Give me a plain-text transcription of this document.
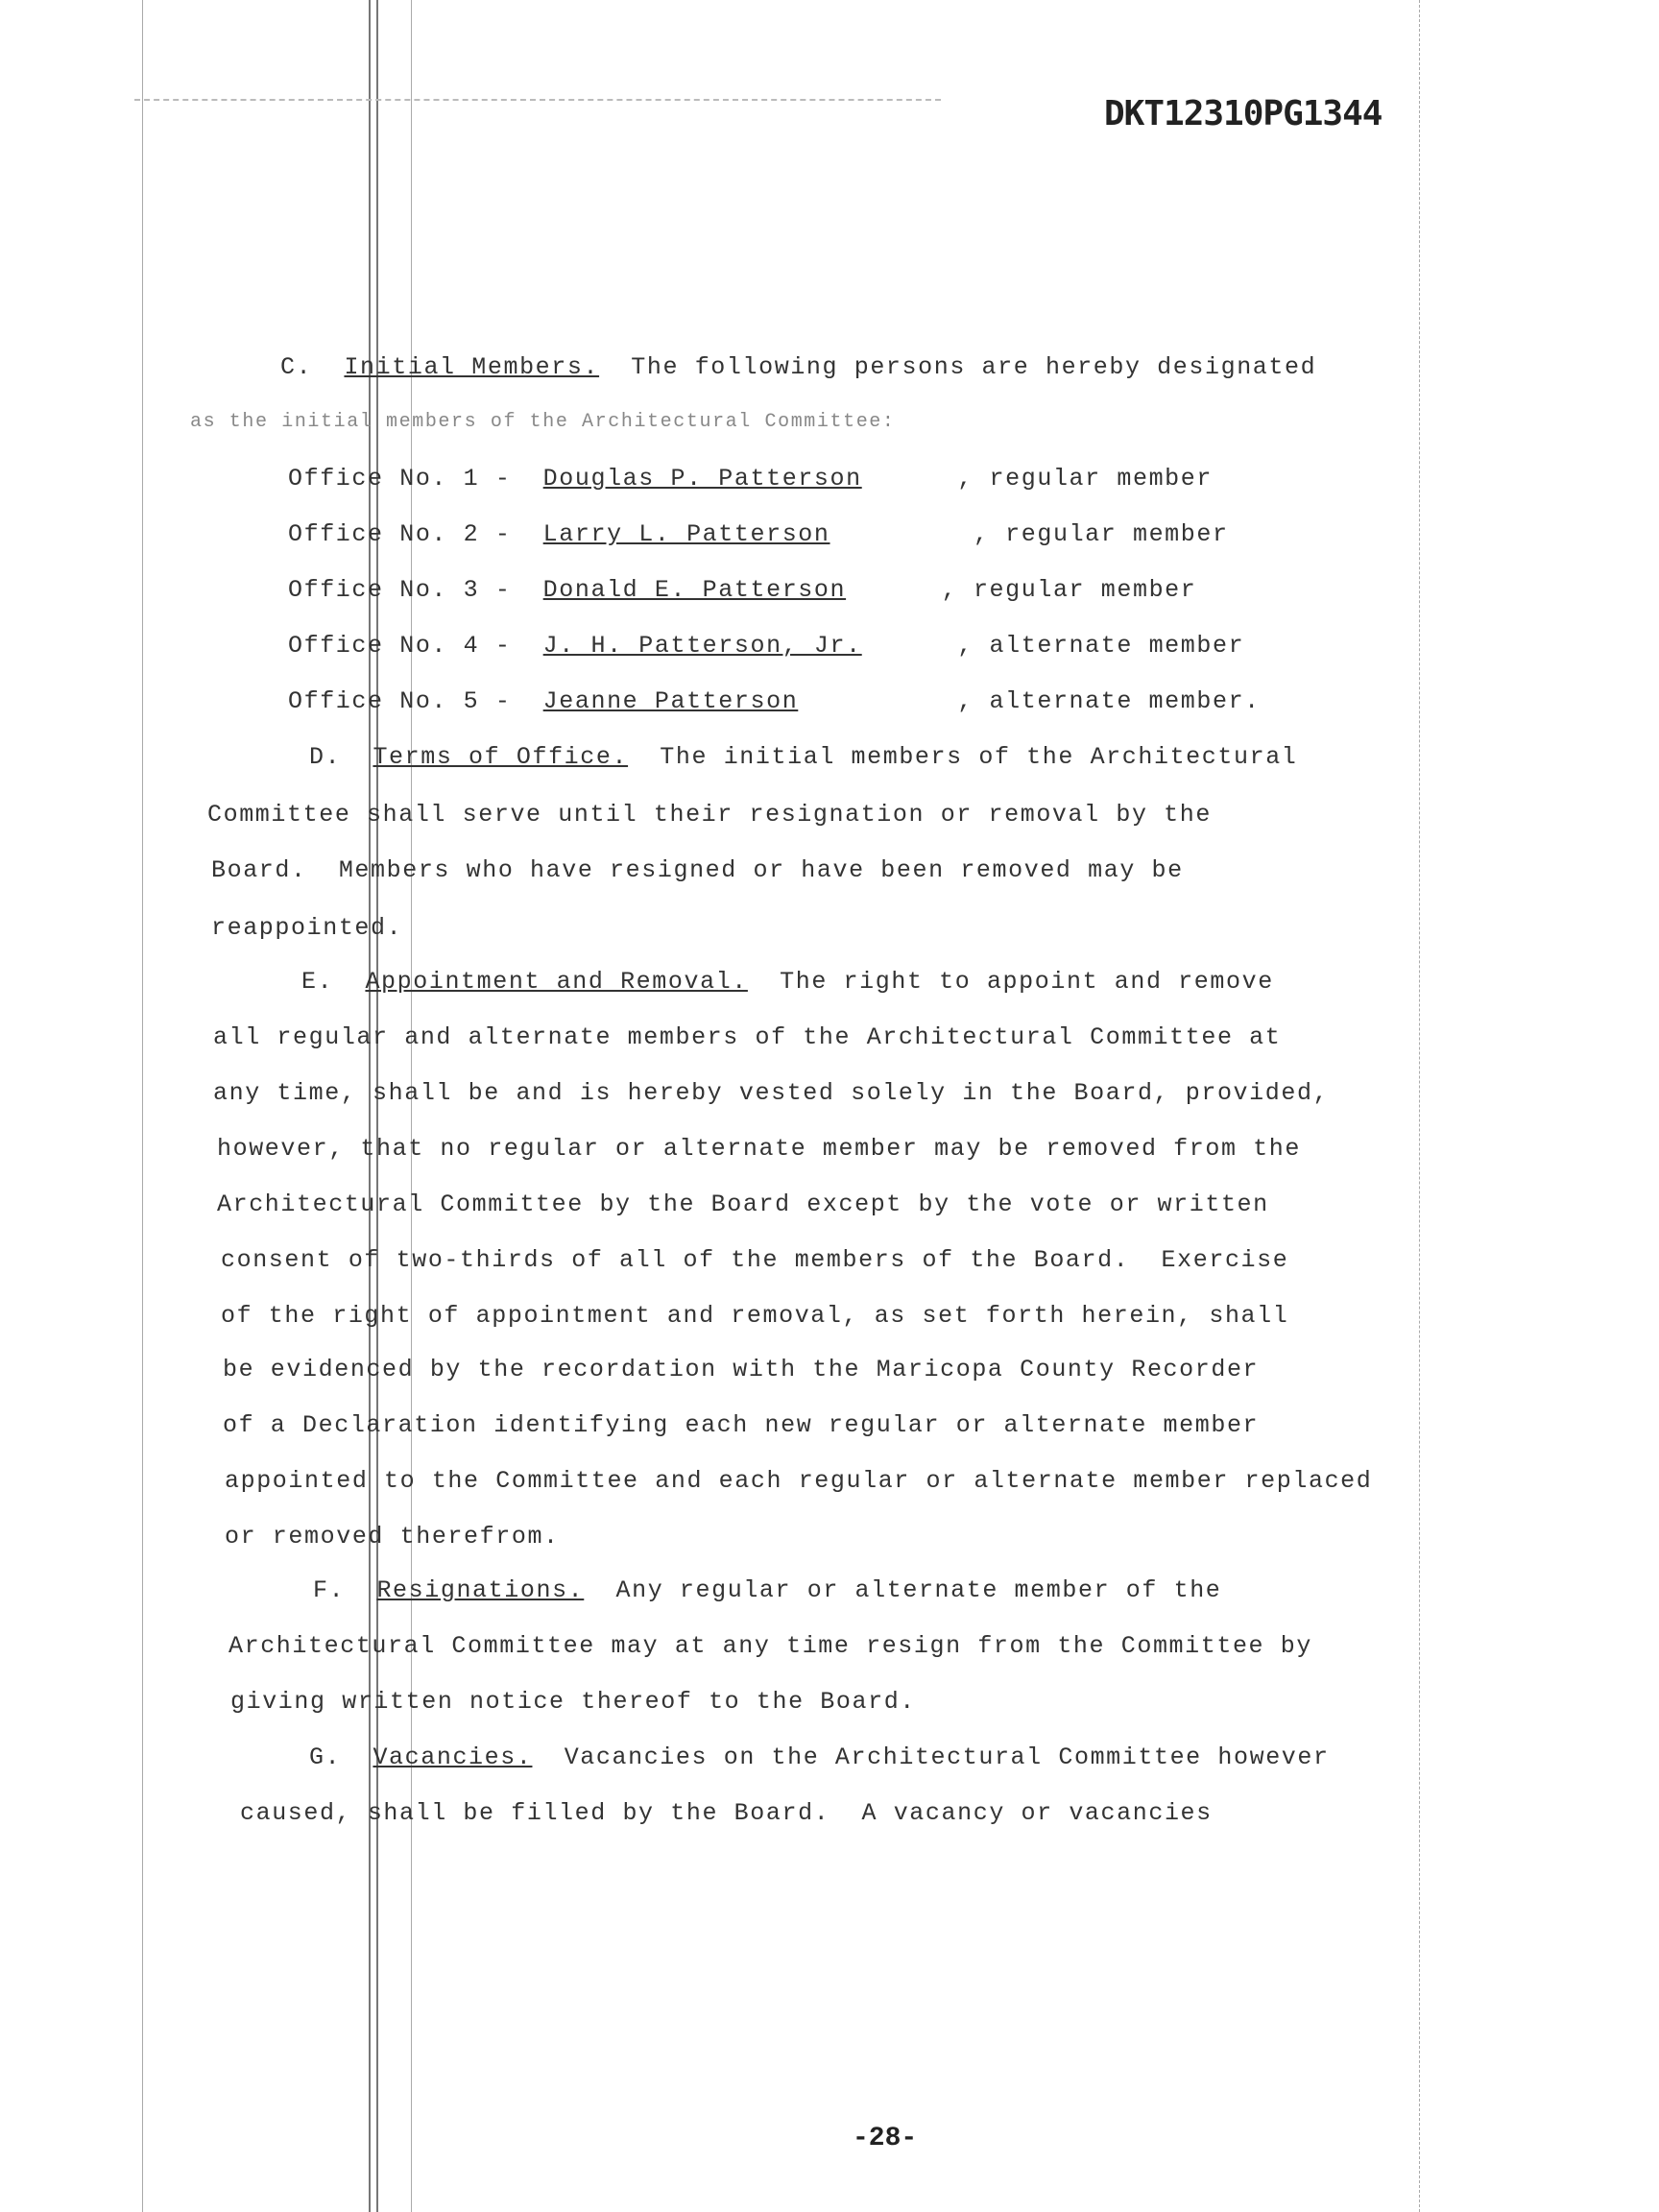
DKT12310PG1344
C. Initial Members. The following persons are hereby designated
as the initial members of the Architectural Committee:
Office No. 1 - Douglas P. Patterson	, regular member
Office No. 2 - Larry L. Patterson	, regular member
Office No. 3 - Donald E. Patterson	, regular member
Office No. 4 - J. H. Patterson, Jr.	, alternate member
Office No. 5 - Jeanne Patterson	, alternate member.
D. Terms of Office. The initial members of the Architectural
Committee shall serve until their resignation or removal by the
Board.  Members who have resigned or have been removed may be
reappointed.
E. Appointment and Removal. The right to appoint and remove
all regular and alternate members of the Architectural Committee at
any time, shall be and is hereby vested solely in the Board, provided,
however, that no regular or alternate member may be removed from the
Architectural Committee by the Board except by the vote or written
consent of two-thirds of all of the members of the Board.  Exercise
of the right of appointment and removal, as set forth herein, shall
be evidenced by the recordation with the Maricopa County Recorder
of a Declaration identifying each new regular or alternate member
appointed to the Committee and each regular or alternate member replaced
or removed therefrom.
F. Resignations. Any regular or alternate member of the
Architectural Committee may at any time resign from the Committee by
giving written notice thereof to the Board.
G. Vacancies. Vacancies on the Architectural Committee however
caused, shall be filled by the Board.  A vacancy or vacancies
-28-
